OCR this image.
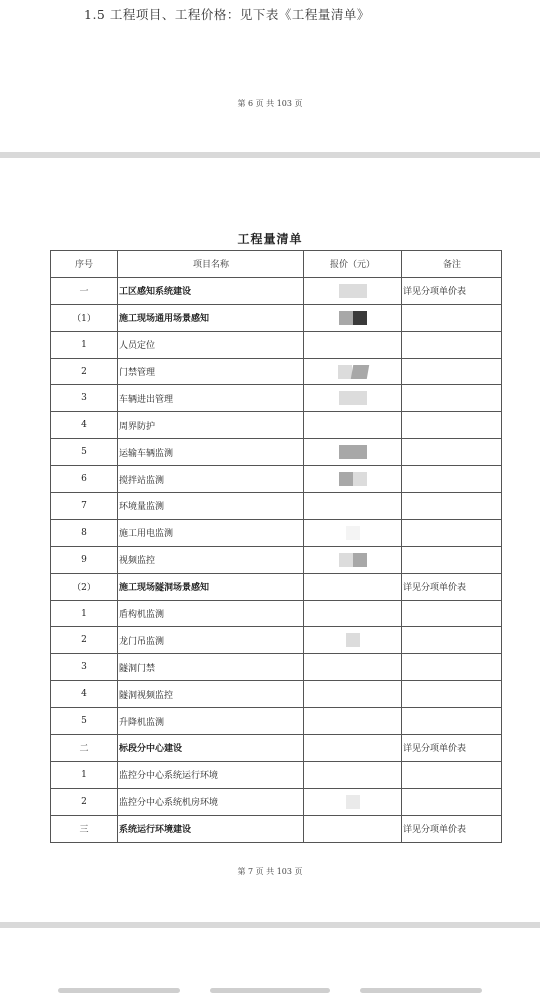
1.5 工程项目、工程价格：见下表《工程量清单》
第 6 页 共 103 页
工程量清单
序号	项目名称	报价（元）	备注
一	工区感知系统建设		详见分项单价表
（1）	施工现场通用场景感知		
1	人员定位		
2	门禁管理		
3	车辆进出管理		
4	周界防护		
5	运输车辆监测		
6	搅拌站监测		
7	环境量监测		
8	施工用电监测		
9	视频监控		
（2）	施工现场隧洞场景感知		详见分项单价表
1	盾构机监测		
2	龙门吊监测		
3	隧洞门禁		
4	隧洞视频监控		
5	升降机监测		
二	标段分中心建设		详见分项单价表
1	监控分中心系统运行环境		
2	监控分中心系统机房环境		
三	系统运行环境建设		详见分项单价表
第 7 页 共 103 页
